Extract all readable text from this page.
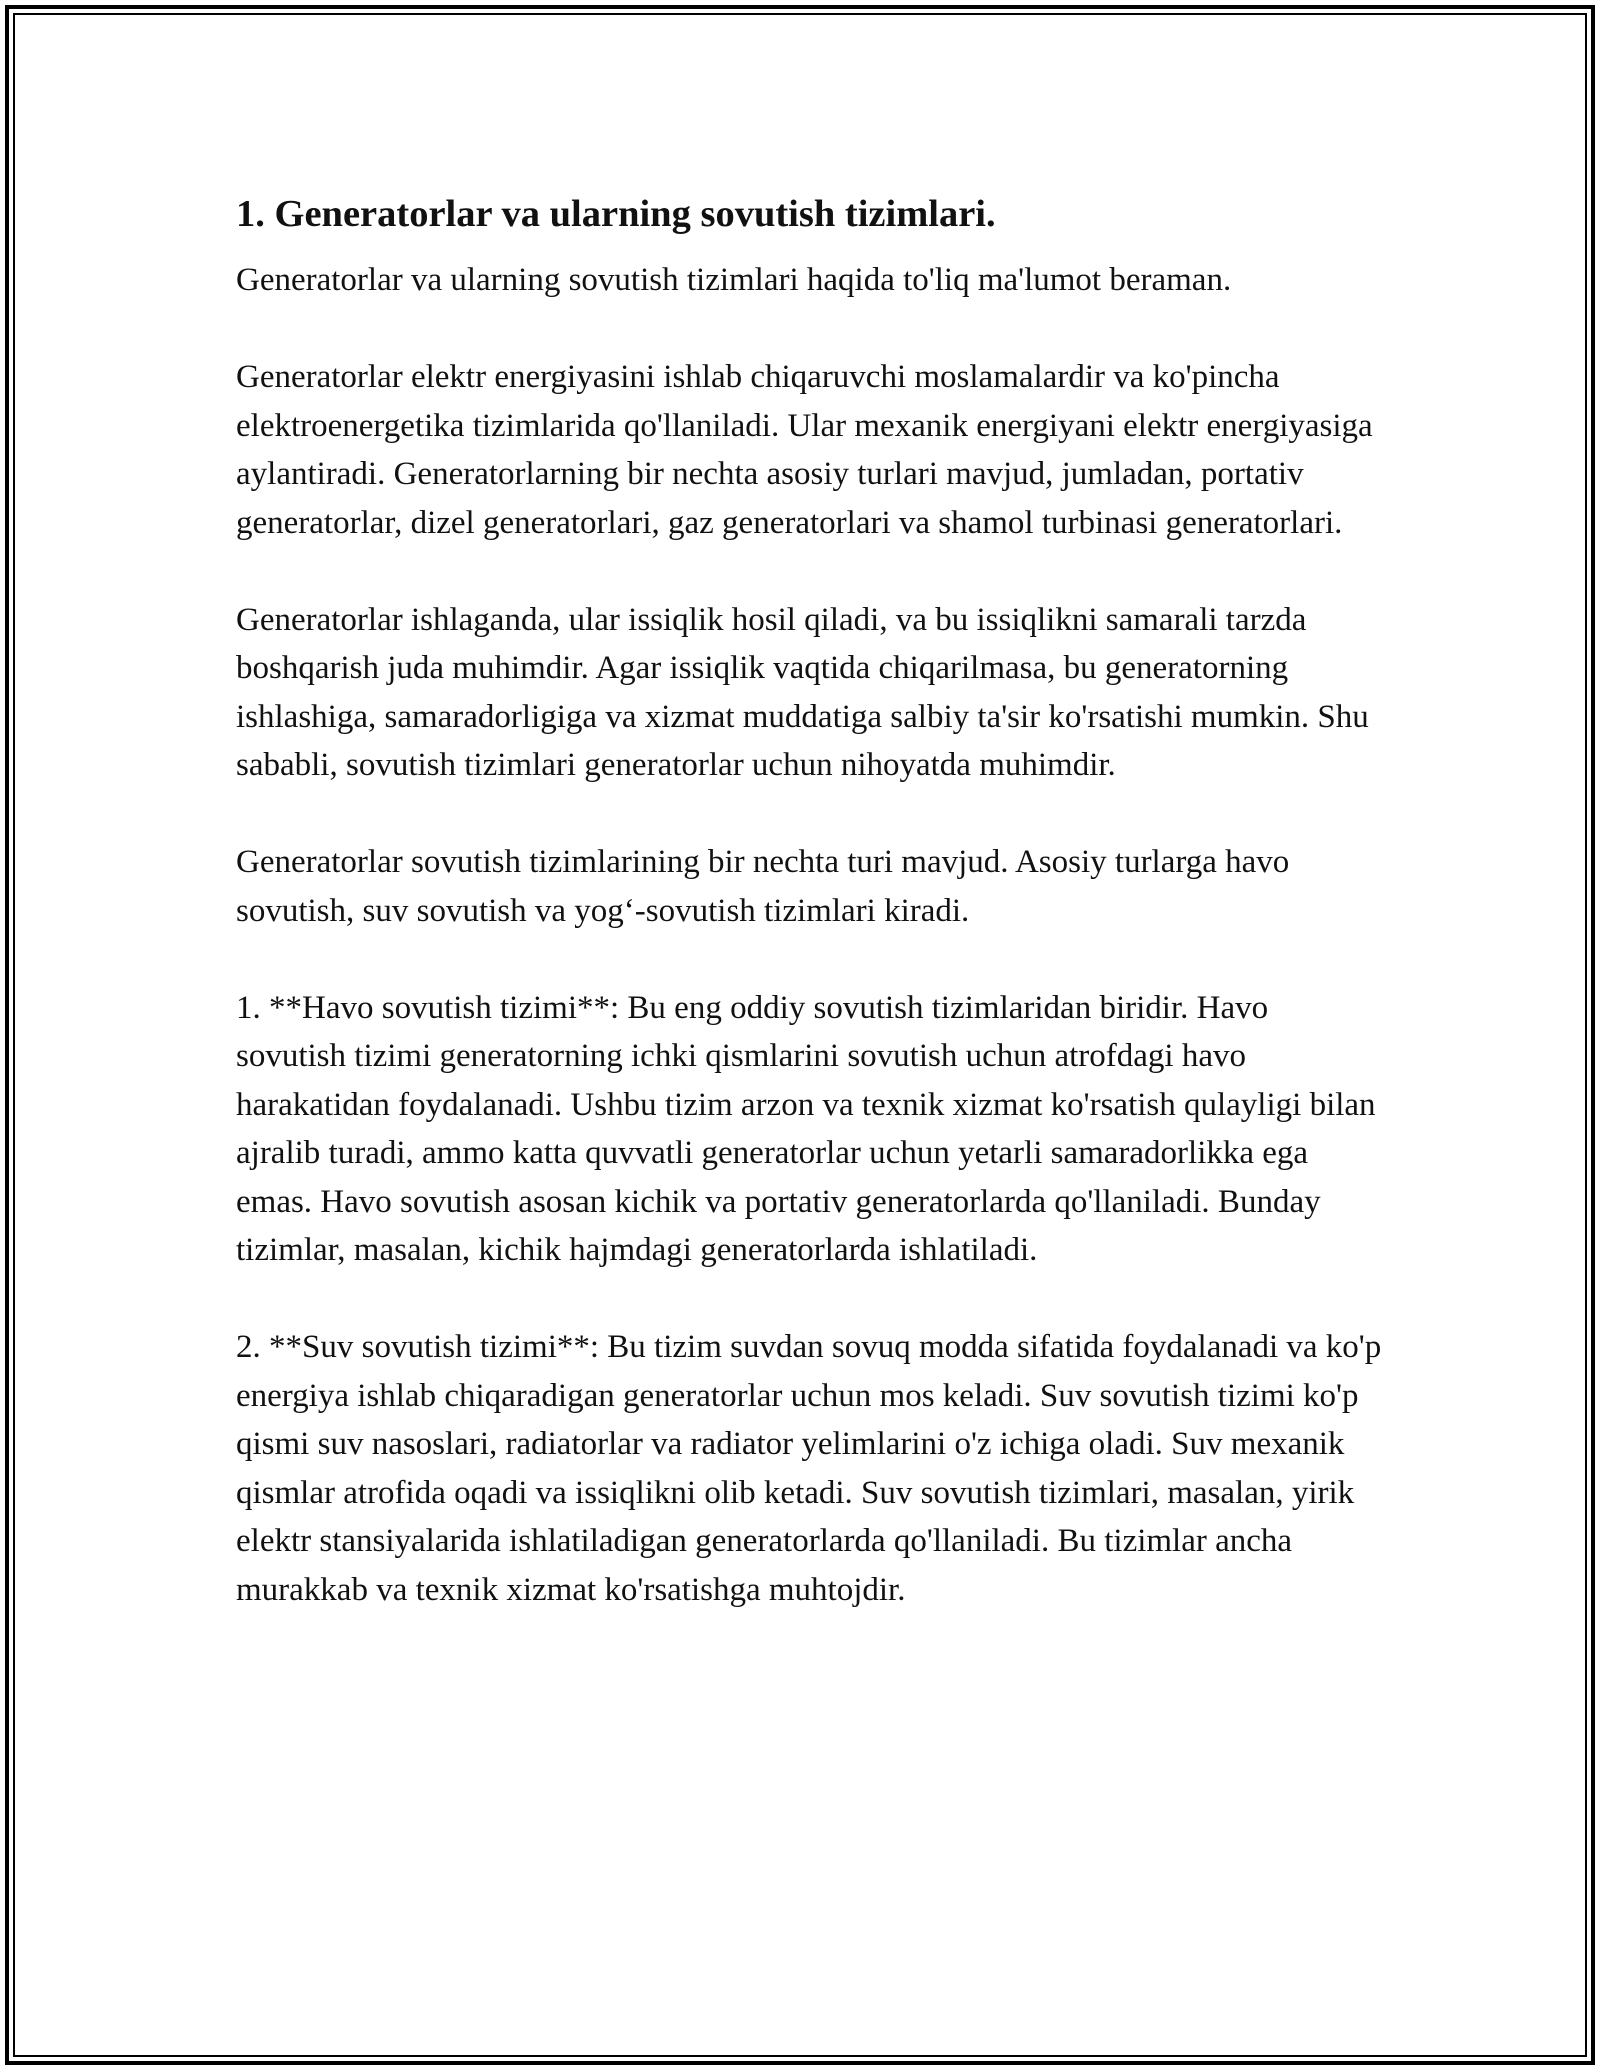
1. Generatorlar va ularning sovutish tizimlari.

Generatorlar va ularning sovutish tizimlari haqida to'liq ma'lumot beraman.

Generatorlar elektr energiyasini ishlab chiqaruvchi moslamalardir va ko'pincha elektroenergetika tizimlarida qo'llaniladi. Ular mexanik energiyani elektr energiyasiga aylantiradi. Generatorlarning bir nechta asosiy turlari mavjud, jumladan, portativ generatorlar, dizel generatorlari, gaz generatorlari va shamol turbinasi generatorlari.

Generatorlar ishlaganda, ular issiqlik hosil qiladi, va bu issiqlikni samarali tarzda boshqarish juda muhimdir. Agar issiqlik vaqtida chiqarilmasa, bu generatorning ishlashiga, samaradorligiga va xizmat muddatiga salbiy ta'sir ko'rsatishi mumkin. Shu sababli, sovutish tizimlari generatorlar uchun nihoyatda muhimdir.

Generatorlar sovutish tizimlarining bir nechta turi mavjud. Asosiy turlarga havo sovutish, suv sovutish va yog‘-sovutish tizimlari kiradi.

1. **Havo sovutish tizimi**: Bu eng oddiy sovutish tizimlaridan biridir. Havo sovutish tizimi generatorning ichki qismlarini sovutish uchun atrofdagi havo harakatidan foydalanadi. Ushbu tizim arzon va texnik xizmat ko'rsatish qulayligi bilan ajralib turadi, ammo katta quvvatli generatorlar uchun yetarli samaradorlikka ega emas. Havo sovutish asosan kichik va portativ generatorlarda qo'llaniladi. Bunday tizimlar, masalan, kichik hajmdagi generatorlarda ishlatiladi.

2. **Suv sovutish tizimi**: Bu tizim suvdan sovuq modda sifatida foydalanadi va ko'p energiya ishlab chiqaradigan generatorlar uchun mos keladi. Suv sovutish tizimi ko'p qismi suv nasoslari, radiatorlar va radiator yelimlarini o'z ichiga oladi. Suv mexanik qismlar atrofida oqadi va issiqlikni olib ketadi. Suv sovutish tizimlari, masalan, yirik elektr stansiyalarida ishlatiladigan generatorlarda qo'llaniladi. Bu tizimlar ancha murakkab va texnik xizmat ko'rsatishga muhtojdir.
